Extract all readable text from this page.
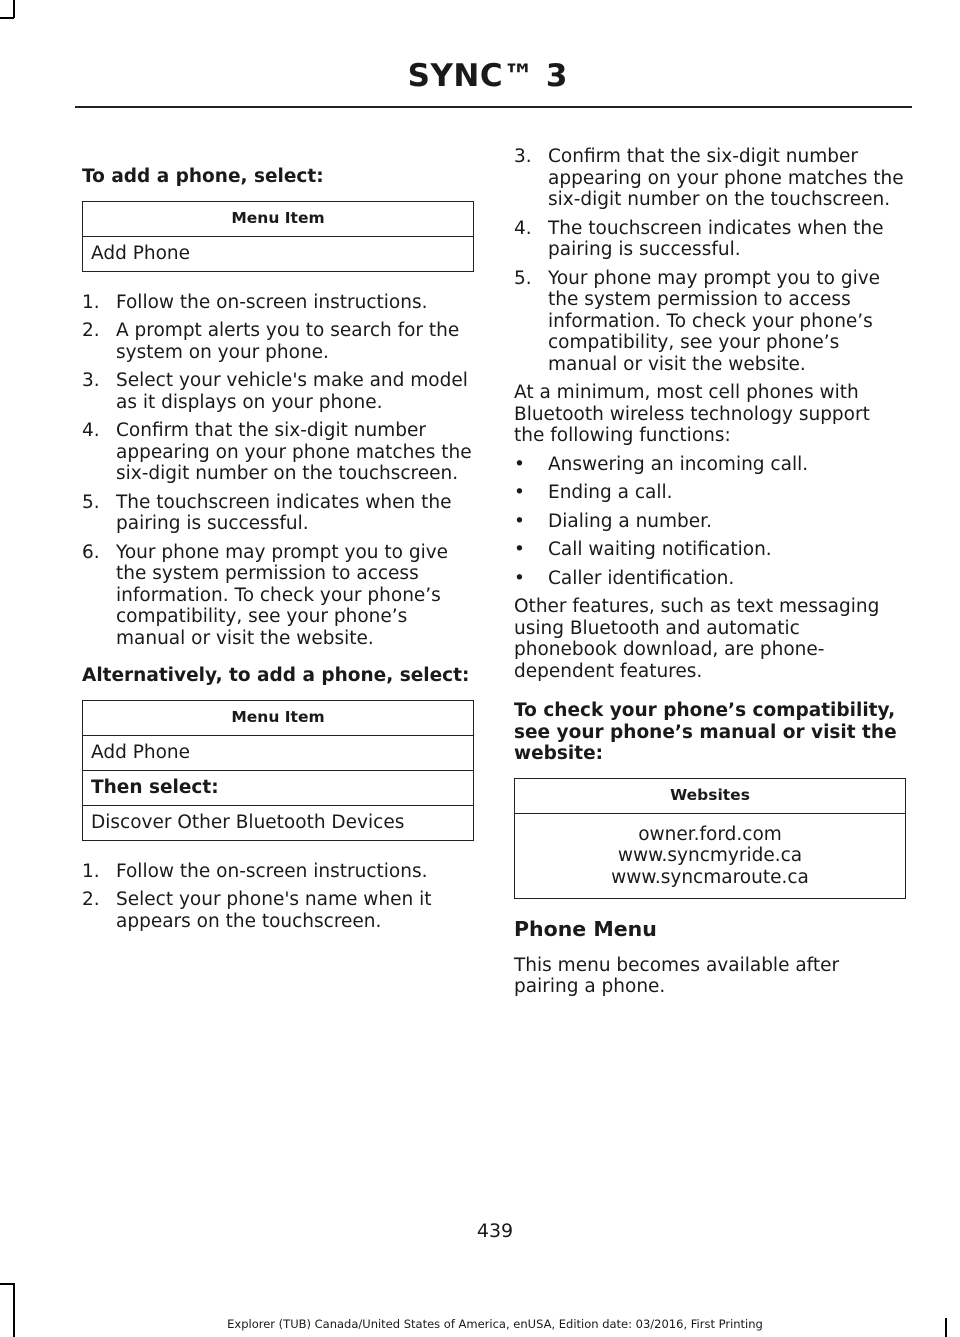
SYNC™ 3

To add a phone, select:

Menu Item
Add Phone
1. Follow the on-screen instructions.
2. A prompt alerts you to search for the system on your phone.
3. Select your vehicle's make and model as it displays on your phone.
4. Confirm that the six-digit number appearing on your phone matches the six-digit number on the touchscreen.
5. The touchscreen indicates when the pairing is successful.
6. Your phone may prompt you to give the system permission to access information. To check your phone’s compatibility, see your phone’s manual or visit the website.

Alternatively, to add a phone, select:

Menu Item
Add Phone
Then select:
Discover Other Bluetooth Devices
1. Follow the on-screen instructions.
2. Select your phone's name when it appears on the touchscreen.
3. Confirm that the six-digit number appearing on your phone matches the six-digit number on the touchscreen.
4. The touchscreen indicates when the pairing is successful.
5. Your phone may prompt you to give the system permission to access information. To check your phone’s compatibility, see your phone’s manual or visit the website.

At a minimum, most cell phones with Bluetooth wireless technology support the following functions:

• Answering an incoming call.
• Ending a call.
• Dialing a number.
• Call waiting notification.
• Caller identification.

Other features, such as text messaging using Bluetooth and automatic phonebook download, are phone-dependent features.

To check your phone’s compatibility, see your phone’s manual or visit the website:

Websites

owner.ford.com
www.syncmyride.ca
www.syncmaroute.ca

Phone Menu

This menu becomes available after pairing a phone.

439
Explorer (TUB) Canada/United States of America, enUSA, Edition date: 03/2016, First Printing
